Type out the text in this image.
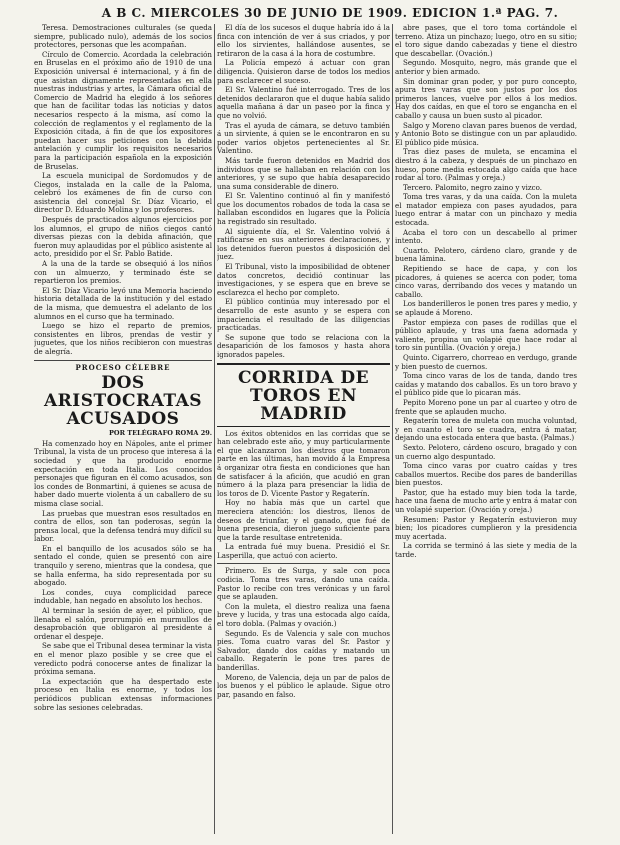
A B C. MIERCOLES 30 DE JUNIO DE 1909. EDICION 1.ª PAG. 7.

Teresa. Demostraciones culturales (se queda siempre, publicado nulo), además de los socios protectores, personas que les acompañan.

Círculo de Comercio. Acordada la celebración en Bruselas en el próximo año de 1910 de una Exposición universal é internacional, y á fin de que asistan dignamente representadas en ella nuestras industrias y artes, la Cámara oficial de Comercio de Madrid ha elegido á los señores que han de facilitar todas las noticias y datos necesarios respecto á la misma, así como la colección de reglamentos y el reglamento de la Exposición citada, á fin de que los expositores puedan hacer sus peticiones con la debida antelación y cumplir los requisitos necesarios para la participación española en la exposición de Bruselas.

La escuela municipal de Sordomudos y de Ciegos, instalada en la calle de la Paloma, celebró los exámenes de fin de curso con asistencia del concejal Sr. Díaz Vicario, el director D. Eduardo Molina y los profesores.

Después de practicados algunos ejercicios por los alumnos, el grupo de niños ciegos cantó diversas piezas con la debida afinación, que fueron muy aplaudidas por el público asistente al acto, presidido por el Sr. Pablo Batide.

A la una de la tarde se obsequió á los niños con un almuerzo, y terminado éste se repartieron los premios.

El Sr. Díaz Vicario leyó una Memoria haciendo historia detallada de la institución y del estado de la misma, que demuestra el adelanto de los alumnos en el curso que ha terminado.

Luego se hizo el reparto de premios, consistentes en libros, prendas de vestir y juguetes, que los niños recibieron con muestras de alegría.

PROCESO CÉLEBRE
DOS ARISTOCRATAS ACUSADOS
POR TELÉGRAFO ROMA 29.

Ha comenzado hoy en Nápoles, ante el primer Tribunal, la vista de un proceso que interesa á la sociedad y que ha producido enorme expectación en toda Italia. Los conocidos personajes que figuran en él como acusados, son los condes de Bonmartini, á quienes se acusa de haber dado muerte violenta á un caballero de su misma clase social.

Las pruebas que muestran esos resultados en contra de ellos, son tan poderosas, según la prensa local, que la defensa tendrá muy difícil su labor.

En el banquillo de los acusados sólo se ha sentado el conde, quien se presentó con aire tranquilo y sereno, mientras que la condesa, que se halla enferma, ha sido representada por su abogado.

Los condes, cuya complicidad parece indudable, han negado en absoluto los hechos.

Al terminar la sesión de ayer, el público, que llenaba el salón, prorrumpió en murmullos de desaprobación que obligaron al presidente á ordenar el despeje.

Se sabe que el Tribunal desea terminar la vista en el menor plazo posible y se cree que el veredicto podrá conocerse antes de finalizar la próxima semana.

La expectación que ha despertado este proceso en Italia es enorme, y todos los periódicos publican extensas informaciones sobre las sesiones celebradas.

El día de los sucesos el duque habría ido á la finca con intención de ver á sus criados, y por ello los sirvientes, hallándose ausentes, se retiraron de la casa á la hora de costumbre.

La Policía empezó á actuar con gran diligencia. Quisieron darse de todos los medios para esclarecer el suceso.

El Sr. Valentino fué interrogado. Tres de los detenidos declararon que el duque había salido aquella mañana á dar un paseo por la finca y que no volvió.

Tras el ayuda de cámara, se detuvo también á un sirviente, á quien se le encontraron en su poder varios objetos pertenecientes al Sr. Valentino.

Más tarde fueron detenidos en Madrid dos individuos que se hallaban en relación con los anteriores, y se supo que había desaparecido una suma considerable de dinero.

El Sr. Valentino continuó al fin y manifestó que los documentos robados de toda la casa se hallaban escondidos en lugares que la Policía ha registrado sin resultado.

Al siguiente día, el Sr. Valentino volvió á ratificarse en sus anteriores declaraciones, y los detenidos fueron puestos á disposición del juez.

El Tribunal, visto la imposibilidad de obtener datos concretos, decidió continuar las investigaciones, y se espera que en breve se esclarezca el hecho por completo.

El público continúa muy interesado por el desarrollo de este asunto y se espera con impaciencia el resultado de las diligencias practicadas.

Se supone que todo se relaciona con la desaparición de los famosos y hasta ahora ignorados papeles.

CORRIDA DE TOROS EN MADRID

Los éxitos obtenidos en las corridas que se han celebrado este año, y muy particularmente el que alcanzaron los diestros que tomaron parte en las últimas, han movido á la Empresa á organizar otra fiesta en condiciones que han de satisfacer á la afición, que acudió en gran número á la plaza para presenciar la lidia de los toros de D. Vicente Pastor y Regaterín.

Hoy no había más que un cartel que mereciera atención: los diestros, llenos de deseos de triunfar, y el ganado, que fué de buena presencia, dieron juego suficiente para que la tarde resultase entretenida.

La entrada fué muy buena. Presidió el Sr. Lasperilla, que actuó con acierto.

Primero. Es de Surga, y sale con poca codicia. Toma tres varas, dando una caída. Pastor lo recibe con tres verónicas y un farol que se aplauden.

Con la muleta, el diestro realiza una faena breve y lucida, y tras una estocada algo caída, el toro dobla. (Palmas y ovación.)

Segundo. Es de Valencia y sale con muchos pies. Toma cuatro varas del Sr. Pastor y Salvador, dando dos caídas y matando un caballo. Regaterín le pone tres pares de banderillas.

Moreno, de Valencia, deja un par de palos de los buenos y el público le aplaude. Sigue otro par, pasando en falso.

abre pases, que el toro toma cortándole el terreno. Atiza un pinchazo; luego, otro en su sitio; el toro sigue dando cabezadas y tiene el diestro que descabellar. (Ovación.)

Segundo. Mosquito, negro, más grande que el anterior y bien armado.

Sin dominar gran poder, y por puro concepto, apura tres varas que son justos por los dos primeros lances, vuelve por ellos á los medios. Hay dos caídas, en que el toro se engancha en el caballo y causa un buen susto al picador.

Salgo y Moreno clavan pares buenos de verdad, y Antonio Boto se distingue con un par aplaudido. El público pide música.

Tras diez pases de muleta, se encamina el diestro á la cabeza, y después de un pinchazo en hueso, pone media estocada algo caída que hace rodar al toro. (Palmas y oreja.)

Tercero. Palomito, negro zaino y vizco.

Toma tres varas, y da una caída. Con la muleta el matador empieza con pases ayudados, para luego entrar á matar con un pinchazo y media estocada.

Acaba el toro con un descabello al primer intento.

Cuarto. Pelotero, cárdeno claro, grande y de buena lámina.

Repitiendo se hace de capa, y con los picadores, á quienes se acerca con poder, toma cinco varas, derribando dos veces y matando un caballo.

Los banderilleros le ponen tres pares y medio, y se aplaude á Moreno.

Pastor empieza con pases de rodillas que el público aplaude, y tras una faena adornada y valiente, propina un volapié que hace rodar al toro sin puntilla. (Ovación y oreja.)

Quinto. Cigarrero, chorreao en verdugo, grande y bien puesto de cuernos.

Toma cinco varas de los de tanda, dando tres caídas y matando dos caballos. Es un toro bravo y el público pide que lo picaran más.

Pepito Moreno pone un par al cuarteo y otro de frente que se aplauden mucho.

Regaterín torea de muleta con mucha voluntad, y en cuanto el toro se cuadra, entra á matar, dejando una estocada entera que basta. (Palmas.)

Sexto. Pelotero, cárdeno oscuro, bragado y con un cuerno algo despuntado.

Toma cinco varas por cuatro caídas y tres caballos muertos. Recibe dos pares de banderillas bien puestos.

Pastor, que ha estado muy bien toda la tarde, hace una faena de mucho arte y entra á matar con un volapié superior. (Ovación y oreja.)

Resumen: Pastor y Regaterín estuvieron muy bien; los picadores cumplieron y la presidencia muy acertada.

La corrida se terminó á las siete y media de la tarde.
